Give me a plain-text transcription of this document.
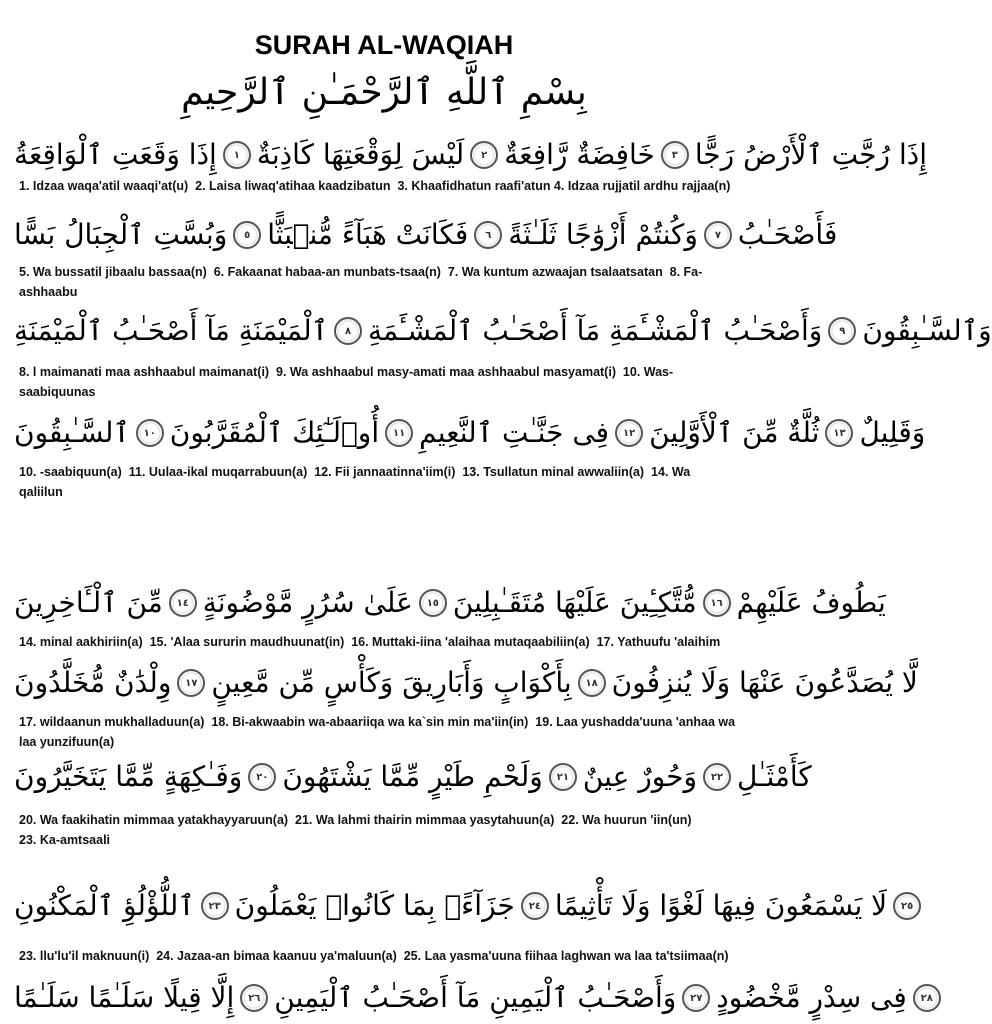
SURAH AL-WAQIAH
بِسْمِ ٱللَّهِ ٱلرَّحْمَـٰنِ ٱلرَّحِيمِ
إِذَا وَقَعَتِ ٱلْوَاقِعَةُ	١ لَيْسَ لِوَقْعَتِهَا كَاذِبَةٌ	٢ خَافِضَةٌ رَّافِعَةٌ	٣ إِذَا رُجَّتِ ٱلْأَرْضُ رَجًّا
1. Idzaa waqa'atil waaqi'at(u)  2. Laisa liwaq'atihaa kaadzibatun  3. Khaafidhatun raafi'atun 4. Idzaa rujjatil ardhu rajjaa(n)
وَبُسَّتِ ٱلْجِبَالُ بَسًّا	٥ فَكَانَتْ هَبَآءً مُّنۢبَثًّا	٦ وَكُنتُمْ أَزْوَٰجًا ثَلَـٰثَةً	٧ فَأَصْحَـٰبُ
5. Wa bussatil jibaalu bassaa(n)  6. Fakaanat habaa-an munbats-tsaa(n)  7. Wa kuntum azwaajan tsalaatsatan  8. Fa-
ashhaabu
ٱلْمَيْمَنَةِ مَآ أَصْحَـٰبُ ٱلْمَيْمَنَةِ	٨ وَأَصْحَـٰبُ ٱلْمَشْـَٔمَةِ مَآ أَصْحَـٰبُ ٱلْمَشْـَٔمَةِ	٩ وَٱلسَّـٰبِقُونَ
8. l maimanati maa ashhaabul maimanat(i)  9. Wa ashhaabul masy-amati maa ashhaabul masyamat(i)  10. Was-
saabiquunas
ٱلسَّـٰبِقُونَ	١٠ أُو۟لَـٰٓئِكَ ٱلْمُقَرَّبُونَ	١١ فِى جَنَّـٰتِ ٱلنَّعِيمِ	١٢ ثُلَّةٌ مِّنَ ٱلْأَوَّلِينَ	١٣ وَقَلِيلٌ
10. -saabiquun(a)  11. Uulaa-ikal muqarrabuun(a)  12. Fii jannaatinna'iim(i)  13. Tsullatun minal awwaliin(a)  14. Wa
qaliilun
مِّنَ ٱلْـَٔاخِرِينَ	١٤ عَلَىٰ سُرُرٍ مَّوْضُونَةٍ	١٥ مُّتَّكِـِٔينَ عَلَيْهَا مُتَقَـٰبِلِينَ	١٦ يَطُوفُ عَلَيْهِمْ
14. minal aakhiriin(a)  15. 'Alaa sururin maudhuunat(in)  16. Muttaki-iina 'alaihaa mutaqaabiliin(a)  17. Yathuufu 'alaihim
وِلْدَٰنٌ مُّخَلَّدُونَ	١٧ بِأَكْوَابٍ وَأَبَارِيقَ وَكَأْسٍ مِّن مَّعِينٍ	١٨ لَّا يُصَدَّعُونَ عَنْهَا وَلَا يُنزِفُونَ
17. wildaanun mukhalladuun(a)  18. Bi-akwaabin wa-abaariiqa wa ka`sin min ma'iin(in)  19. Laa yushadda'uuna 'anhaa wa
laa yunzifuun(a)
وَفَـٰكِهَةٍ مِّمَّا يَتَخَيَّرُونَ	٢٠ وَلَحْمِ طَيْرٍ مِّمَّا يَشْتَهُونَ	٢١ وَحُورٌ عِينٌ	٢٢ كَأَمْثَـٰلِ
20. Wa faakihatin mimmaa yatakhayyaruun(a)  21. Wa lahmi thairin mimmaa yasytahuun(a)  22. Wa huurun 'iin(un)
23. Ka-amtsaali
ٱللُّؤْلُؤِ ٱلْمَكْنُونِ	٢٣ جَزَآءًۢ بِمَا كَانُوا۟ يَعْمَلُونَ	٢٤ لَا يَسْمَعُونَ فِيهَا لَغْوًا وَلَا تَأْثِيمًا	٢٥
23. llu'lu'il maknuun(i)  24. Jazaa-an bimaa kaanuu ya'maluun(a)  25. Laa yasma'uuna fiihaa laghwan wa laa ta'tsiimaa(n)
إِلَّا قِيلًا سَلَـٰمًا سَلَـٰمًا	٢٦ وَأَصْحَـٰبُ ٱلْيَمِينِ مَآ أَصْحَـٰبُ ٱلْيَمِينِ	٢٧ فِى سِدْرٍ مَّخْضُودٍ	٢٨
